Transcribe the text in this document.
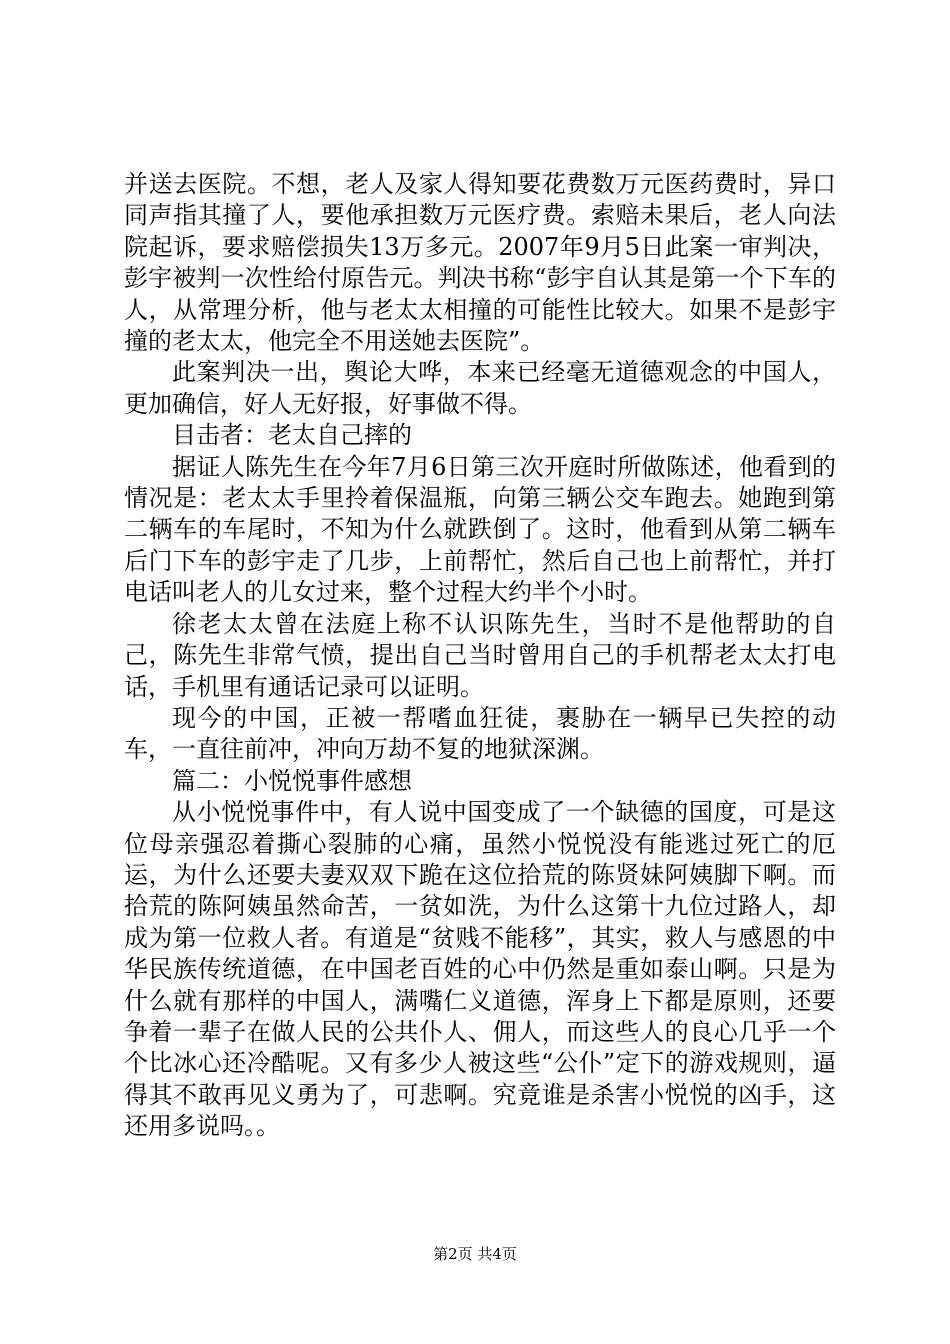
并送去医院。不想，老人及家人得知要花费数万元医药费时，异口同声指其撞了人，要他承担数万元医疗费。索赔未果后，老人向法院起诉，要求赔偿损失13万多元。2007年9月5日此案一审判决，彭宇被判一次性给付原告元。判决书称“彭宇自认其是第一个下车的人，从常理分析，他与老太太相撞的可能性比较大。如果不是彭宇撞的老太太，他完全不用送她去医院”。

此案判决一出，舆论大哗，本来已经毫无道德观念的中国人，更加确信，好人无好报，好事做不得。

目击者：老太自己摔的

据证人陈先生在今年7月6日第三次开庭时所做陈述，他看到的情况是：老太太手里拎着保温瓶，向第三辆公交车跑去。她跑到第二辆车的车尾时，不知为什么就跌倒了。这时，他看到从第二辆车后门下车的彭宇走了几步，上前帮忙，然后自己也上前帮忙，并打电话叫老人的儿女过来，整个过程大约半个小时。

徐老太太曾在法庭上称不认识陈先生，当时不是他帮助的自己，陈先生非常气愤，提出自己当时曾用自己的手机帮老太太打电话，手机里有通话记录可以证明。

现今的中国，正被一帮嗜血狂徒，裹胁在一辆早已失控的动车，一直往前冲，冲向万劫不复的地狱深渊。

篇二：小悦悦事件感想

从小悦悦事件中，有人说中国变成了一个缺德的国度，可是这位母亲强忍着撕心裂肺的心痛，虽然小悦悦没有能逃过死亡的厄运，为什么还要夫妻双双下跪在这位拾荒的陈贤妹阿姨脚下啊。而拾荒的陈阿姨虽然命苦，一贫如洗，为什么这第十九位过路人，却成为第一位救人者。有道是“贫贱不能移”，其实，救人与感恩的中华民族传统道德，在中国老百姓的心中仍然是重如泰山啊。只是为什么就有那样的中国人，满嘴仁义道德，浑身上下都是原则，还要争着一辈子在做人民的公共仆人、佣人，而这些人的良心几乎一个个比冰心还冷酷呢。又有多少人被这些“公仆”定下的游戏规则，逼得其不敢再见义勇为了，可悲啊。究竟谁是杀害小悦悦的凶手，这还用多说吗。。

第2页 共4页
